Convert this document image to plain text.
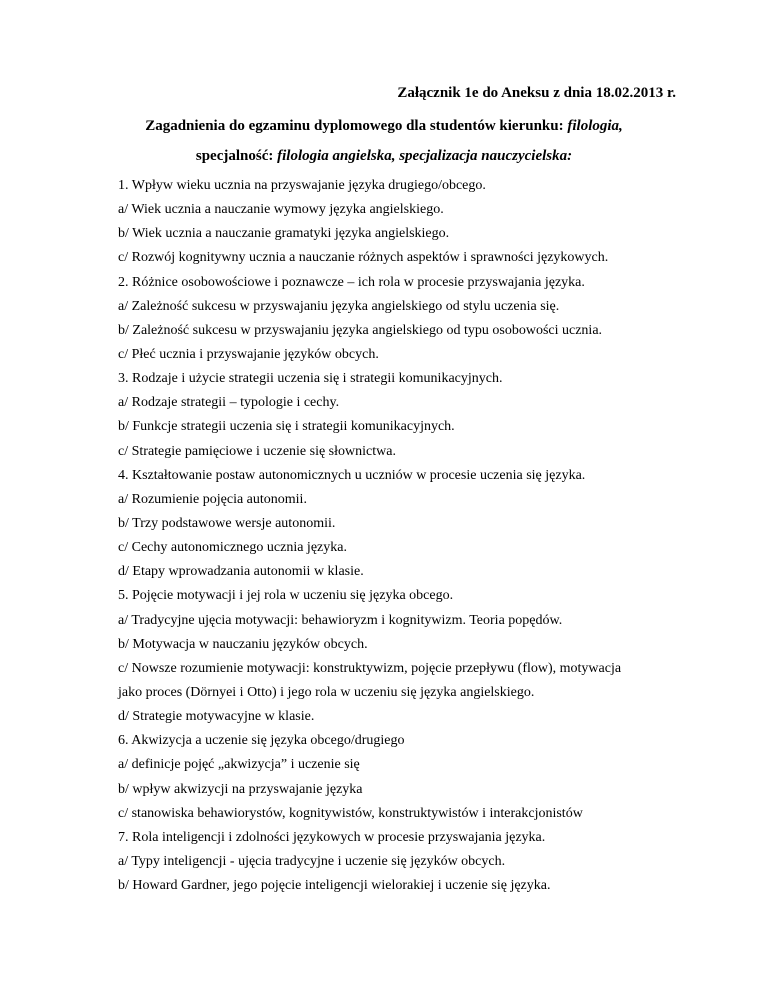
Załącznik 1e do Aneksu z dnia 18.02.2013 r.
Zagadnienia do egzaminu dyplomowego dla studentów kierunku: filologia,
specjalność: filologia angielska, specjalizacja nauczycielska:
1. Wpływ wieku ucznia na przyswajanie języka drugiego/obcego.
a/ Wiek ucznia a nauczanie wymowy języka angielskiego.
b/ Wiek ucznia a nauczanie gramatyki języka angielskiego.
c/ Rozwój kognitywny ucznia a nauczanie różnych aspektów i sprawności językowych.
2. Różnice osobowościowe i poznawcze – ich rola w procesie przyswajania języka.
a/ Zależność sukcesu w przyswajaniu języka angielskiego od stylu uczenia się.
b/ Zależność sukcesu w przyswajaniu języka angielskiego od typu osobowości ucznia.
c/ Płeć ucznia i przyswajanie języków obcych.
3. Rodzaje i użycie strategii uczenia się i strategii komunikacyjnych.
a/ Rodzaje strategii – typologie i cechy.
b/ Funkcje strategii uczenia się i strategii komunikacyjnych.
c/ Strategie pamięciowe i uczenie się słownictwa.
4. Kształtowanie postaw autonomicznych u uczniów w procesie uczenia się języka.
a/ Rozumienie pojęcia autonomii.
b/ Trzy podstawowe wersje autonomii.
c/ Cechy autonomicznego ucznia języka.
d/ Etapy wprowadzania autonomii w klasie.
5. Pojęcie motywacji i jej rola w uczeniu się języka obcego.
a/ Tradycyjne ujęcia motywacji: behawioryzm i kognitywizm. Teoria popędów.
b/ Motywacja w nauczaniu języków obcych.
c/ Nowsze rozumienie motywacji: konstruktywizm, pojęcie przepływu (flow), motywacja
jako proces (Dörnyei i Otto) i jego rola w uczeniu się języka angielskiego.
d/ Strategie motywacyjne w klasie.
6. Akwizycja a uczenie się języka obcego/drugiego
a/ definicje pojęć „akwizycja” i uczenie się
b/ wpływ akwizycji na przyswajanie języka
c/ stanowiska behawiorystów, kognitywistów, konstruktywistów i interakcjonistów
7. Rola inteligencji i zdolności językowych w procesie przyswajania języka.
a/ Typy inteligencji - ujęcia tradycyjne i uczenie się języków obcych.
b/ Howard Gardner, jego pojęcie inteligencji wielorakiej i uczenie się języka.
